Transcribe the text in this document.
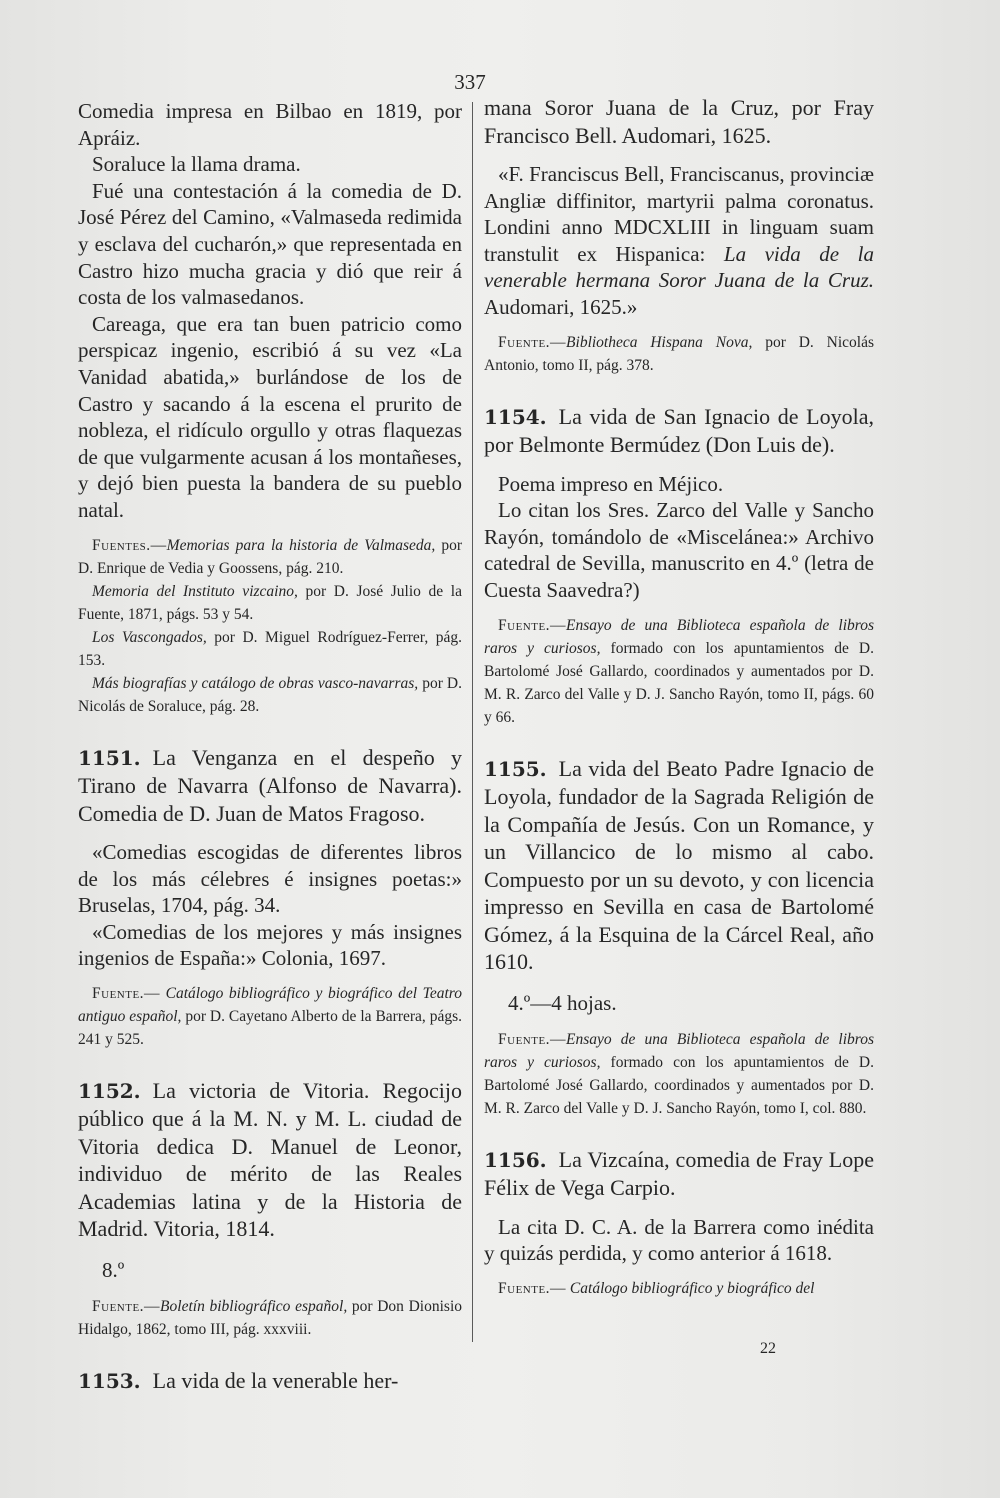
337

Comedia impresa en Bilbao en 1819, por Apráiz.

Soraluce la llama drama.

Fué una contestación á la comedia de D. José Pérez del Camino, «Valmaseda redimida y esclava del cucharón,» que representada en Castro hizo mucha gracia y dió que reir á costa de los valmasedanos.

Careaga, que era tan buen patricio como perspicaz ingenio, escribió á su vez «La Vanidad abatida,» burlándose de los de Castro y sacando á la escena el prurito de nobleza, el ridículo orgullo y otras flaquezas de que vulgarmente acusan á los montañeses, y dejó bien puesta la bandera de su pueblo natal.

Fuentes.—Memorias para la historia de Valmaseda, por D. Enrique de Vedia y Goossens, pág. 210.

Memoria del Instituto vizcaino, por D. José Julio de la Fuente, 1871, págs. 53 y 54.

Los Vascongados, por D. Miguel Rodríguez-Ferrer, pág. 153.

Más biografías y catálogo de obras vasco-navarras, por D. Nicolás de Soraluce, pág. 28.

1151. La Venganza en el despeño y Tirano de Navarra (Alfonso de Navarra). Comedia de D. Juan de Matos Fragoso.

«Comedias escogidas de diferentes libros de los más célebres é insignes poetas:» Bruselas, 1704, pág. 34.

«Comedias de los mejores y más insignes ingenios de España:» Colonia, 1697.

Fuente.— Catálogo bibliográfico y biográfico del Teatro antiguo español, por D. Cayetano Alberto de la Barrera, págs. 241 y 525.

1152. La victoria de Vitoria. Regocijo público que á la M. N. y M. L. ciudad de Vitoria dedica D. Manuel de Leonor, individuo de mérito de las Reales Academias latina y de la Historia de Madrid. Vitoria, 1814.

8.º

Fuente.—Boletín bibliográfico español, por Don Dionisio Hidalgo, 1862, tomo III, pág. xxxviii.

1153. La vida de la venerable her-

mana Soror Juana de la Cruz, por Fray Francisco Bell. Audomari, 1625.

«F. Franciscus Bell, Franciscanus, provinciæ Angliæ diffinitor, martyrii palma coronatus. Londini anno MDCXLIII in linguam suam transtulit ex Hispanica: La vida de la venerable hermana Soror Juana de la Cruz. Audomari, 1625.»

Fuente.—Bibliotheca Hispana Nova, por D. Nicolás Antonio, tomo II, pág. 378.

1154. La vida de San Ignacio de Loyola, por Belmonte Bermúdez (Don Luis de).

Poema impreso en Méjico.

Lo citan los Sres. Zarco del Valle y Sancho Rayón, tomándolo de «Miscelánea:» Archivo catedral de Sevilla, manuscrito en 4.º (letra de Cuesta Saavedra?)

Fuente.—Ensayo de una Biblioteca española de libros raros y curiosos, formado con los apuntamientos de D. Bartolomé José Gallardo, coordinados y aumentados por D. M. R. Zarco del Valle y D. J. Sancho Rayón, tomo II, págs. 60 y 66.

1155. La vida del Beato Padre Ignacio de Loyola, fundador de la Sagrada Religión de la Compañía de Jesús. Con un Romance, y un Villancico de lo mismo al cabo. Compuesto por un su devoto, y con licencia impresso en Sevilla en casa de Bartolomé Gómez, á la Esquina de la Cárcel Real, año 1610.

4.º—4 hojas.

Fuente.—Ensayo de una Biblioteca española de libros raros y curiosos, formado con los apuntamientos de D. Bartolomé José Gallardo, coordinados y aumentados por D. M. R. Zarco del Valle y D. J. Sancho Rayón, tomo I, col. 880.

1156. La Vizcaína, comedia de Fray Lope Félix de Vega Carpio.

La cita D. C. A. de la Barrera como inédita y quizás perdida, y como anterior á 1618.

Fuente.— Catálogo bibliográfico y biográfico del

22
